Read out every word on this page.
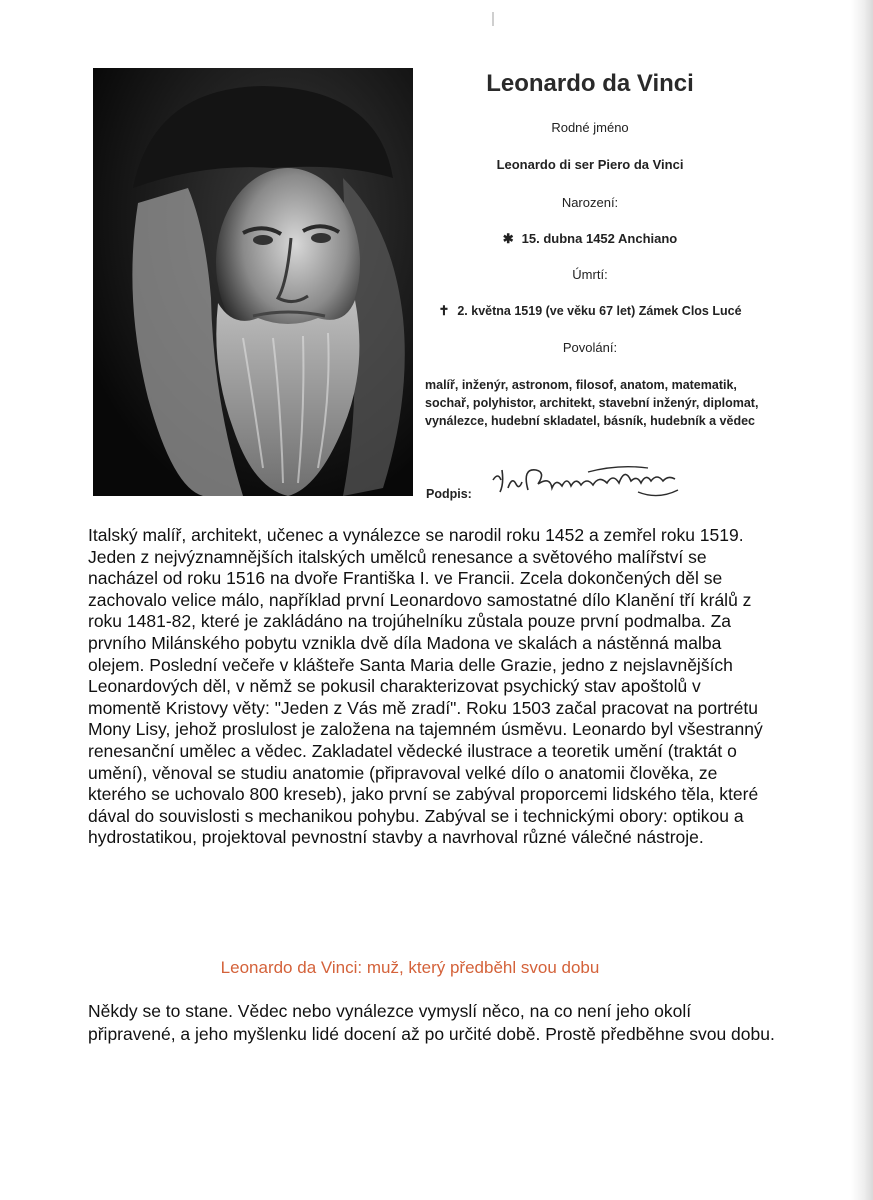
Leonardo da Vinci
Rodné jméno
Leonardo di ser Piero da Vinci
Narození:
✱ 15. dubna 1452 Anchiano
Úmrtí:
✝ 2. května 1519 (ve věku 67 let) Zámek Clos Lucé
Povolání:
malíř, inženýr, astronom, filosof, anatom, matematik, sochař, polyhistor, architekt, stavební inženýr, diplomat, vynálezce, hudební skladatel, básník, hudebník a vědec
Podpis:
Italský malíř, architekt, učenec a vynálezce se narodil roku 1452 a zemřel roku 1519. Jeden z nejvýznamnějších italských umělců renesance a světového malířství se nacházel od roku 1516 na dvoře Františka I. ve Francii. Zcela dokončených děl se zachovalo velice málo, například první Leonardovo samostatné dílo Klanění tří králů z roku 1481-82, které je zakládáno na trojúhelníku zůstala pouze první podmalba. Za prvního Milánského pobytu vznikla dvě díla Madona ve skalách a nástěnná malba olejem. Poslední večeře v klášteře Santa Maria delle Grazie, jedno z nejslavnějších Leonardových děl, v němž se pokusil charakterizovat psychický stav apoštolů v momentě Kristovy věty: "Jeden z Vás mě zradí". Roku 1503 začal pracovat na portrétu Mony Lisy, jehož proslulost je založena na tajemném úsměvu. Leonardo byl všestranný renesanční umělec a vědec. Zakladatel vědecké ilustrace a teoretik umění (traktát o umění), věnoval se studiu anatomie (připravoval velké dílo o anatomii člověka, ze kterého se uchovalo 800 kreseb), jako první se zabýval proporcemi lidského těla, které dával do souvislosti s mechanikou pohybu. Zabýval se i technickými obory: optikou a hydrostatikou, projektoval pevnostní stavby a navrhoval různé válečné nástroje.
Leonardo da Vinci: muž, který předběhl svou dobu
Někdy se to stane. Vědec nebo vynálezce vymyslí něco, na co není jeho okolí připravené, a jeho myšlenku lidé docení až po určité době. Prostě předběhne svou dobu.
